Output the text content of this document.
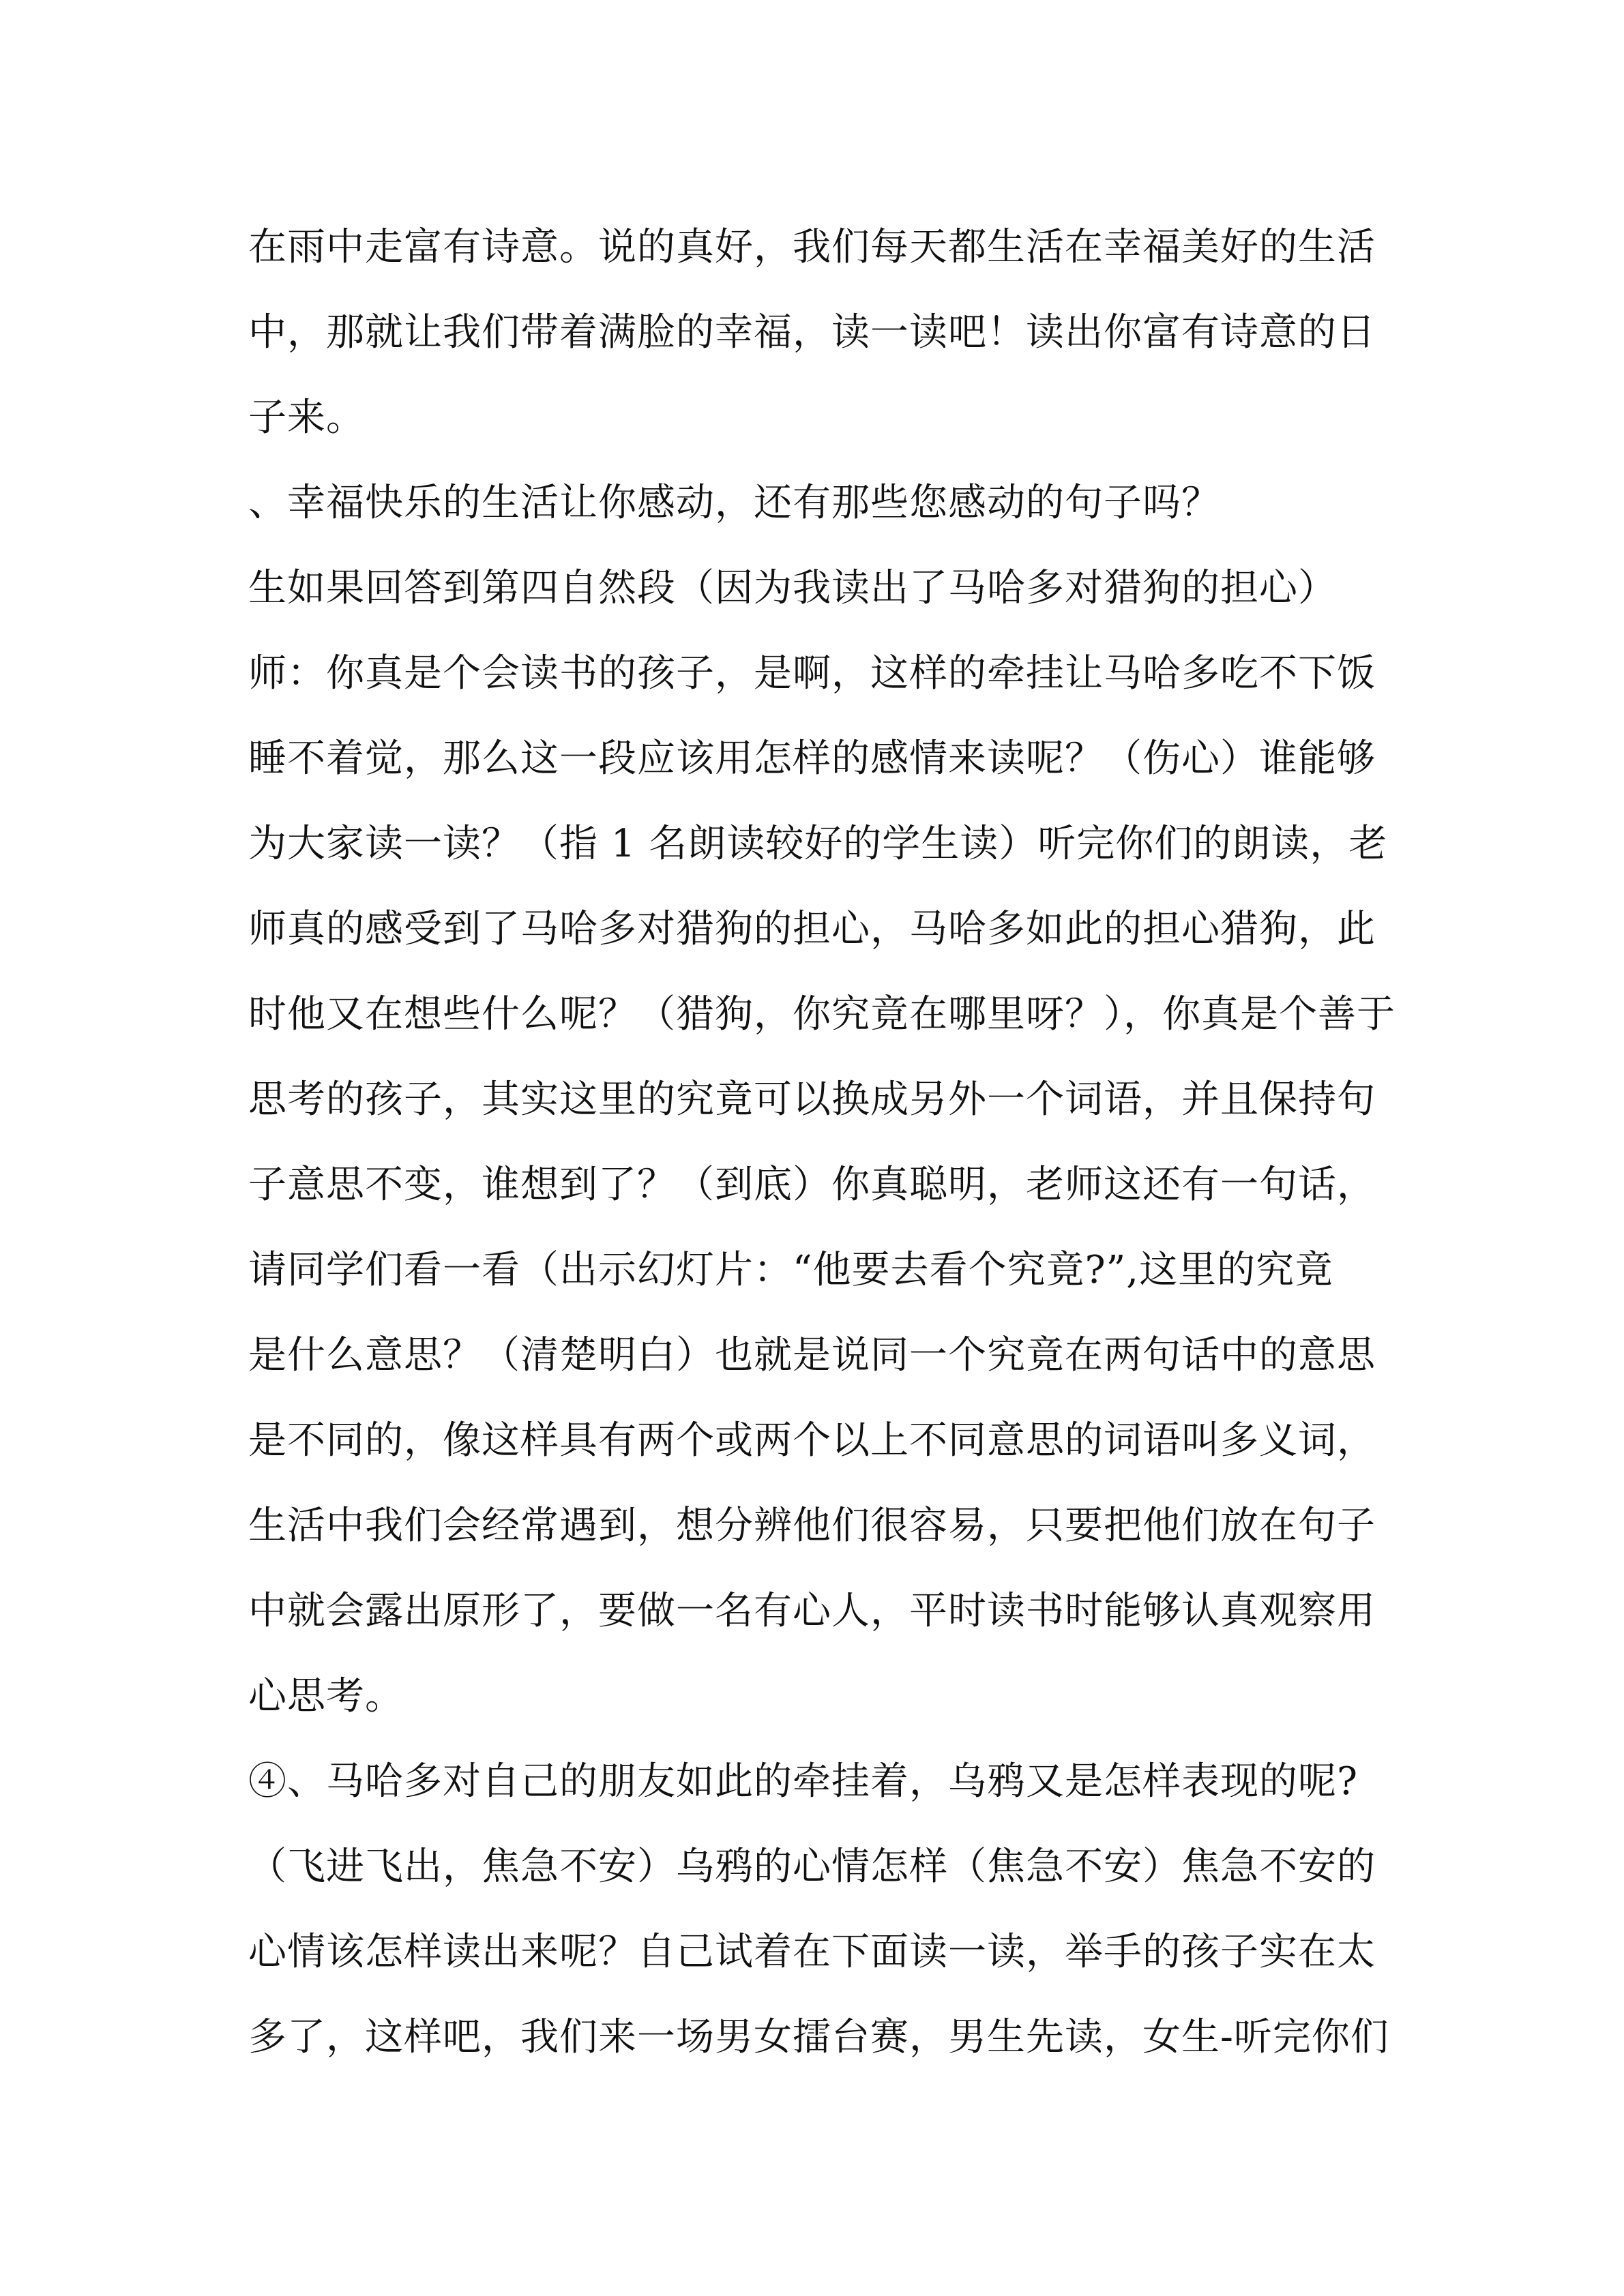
在雨中走富有诗意。说的真好，我们每天都生活在幸福美好的生活
中，那就让我们带着满脸的幸福，读一读吧！读出你富有诗意的日
子来。
、幸福快乐的生活让你感动，还有那些您感动的句子吗？
生如果回答到第四自然段（因为我读出了马哈多对猎狗的担心）
师：你真是个会读书的孩子，是啊，这样的牵挂让马哈多吃不下饭
睡不着觉，那么这一段应该用怎样的感情来读呢？（伤心）谁能够
为大家读一读？（指 1 名朗读较好的学生读）听完你们的朗读，老
师真的感受到了马哈多对猎狗的担心，马哈多如此的担心猎狗，此
时他又在想些什么呢？（猎狗，你究竟在哪里呀？），你真是个善于
思考的孩子，其实这里的究竟可以换成另外一个词语，并且保持句
子意思不变，谁想到了？（到底）你真聪明，老师这还有一句话，
请同学们看一看（出示幻灯片：“他要去看个究竟?”,这里的究竟
是什么意思？（清楚明白）也就是说同一个究竟在两句话中的意思
是不同的，像这样具有两个或两个以上不同意思的词语叫多义词，
生活中我们会经常遇到，想分辨他们很容易，只要把他们放在句子
中就会露出原形了，要做一名有心人，平时读书时能够认真观察用
心思考。
④、马哈多对自己的朋友如此的牵挂着，乌鸦又是怎样表现的呢?
（飞进飞出，焦急不安）乌鸦的心情怎样（焦急不安）焦急不安的
心情该怎样读出来呢？自己试着在下面读一读，举手的孩子实在太
多了，这样吧，我们来一场男女擂台赛，男生先读，女生-听完你们
